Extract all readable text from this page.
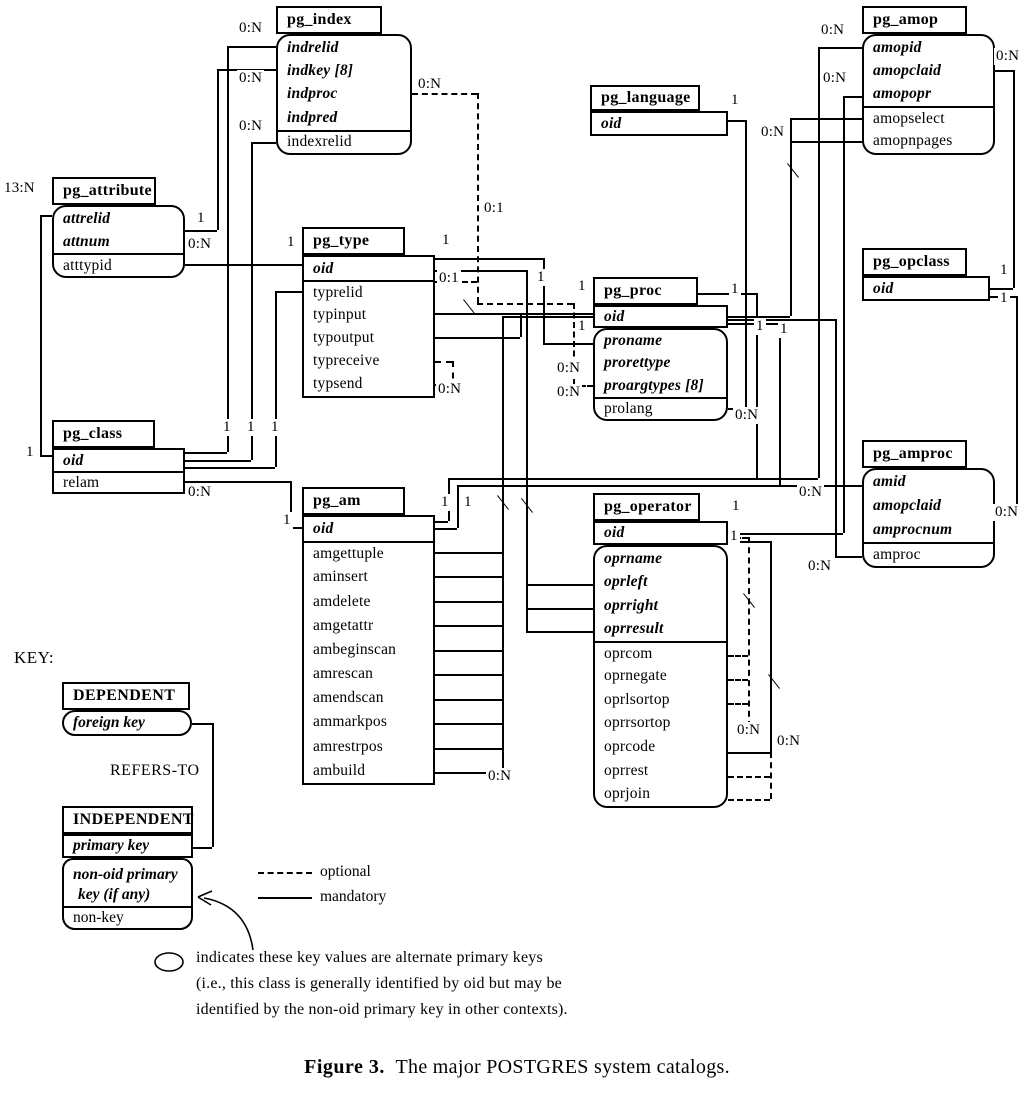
pg_index
indrelid
indkey [8]
indproc
indpred
indexrelid
pg_attribute
attrelid
attnum
atttypid
pg_type
oid
typrelid
typinput
typoutput
typreceive
typsend
pg_class
oid
relam
pg_language
oid
pg_proc
oid
proname
prorettype
proargtypes [8]
prolang
pg_amop
amopid
amopclaid
amopopr
amopselect
amopnpages
pg_opclass
oid
pg_amproc
amid
amopclaid
amprocnum
amproc
pg_am
oid
amgettuple
aminsert
amdelete
amgetattr
ambeginscan
amrescan
amendscan
ammarkpos
amrestrpos
ambuild
pg_operator
oid
oprname
oprleft
oprright
oprresult
oprcom
oprnegate
oprlsortop
oprrsortop
oprcode
oprrest
oprjoin
0:N
0:N
0:N
0:N
13:N
1
0:N	1	1
0:1
0:1
1
0:N
1
0:N
1
1
0:N
0:N
1
1 1
0:N
0:N
0:N
0:N
1
1
0:N
0:N
0:N
1 1 1
1
0:N
1
1 1
0:N
1
1
0:N
0:N
KEY:
DEPENDENT
foreign key
REFERS-TO
INDEPENDENT
primary key
non-oid primary
key (if any)
non-key
optional
mandatory
indicates these key values are alternate primary keys
(i.e., this class is generally identified by oid but may be
identified by the non-oid primary key in other contexts).
Figure 3. The major POSTGRES system catalogs.
